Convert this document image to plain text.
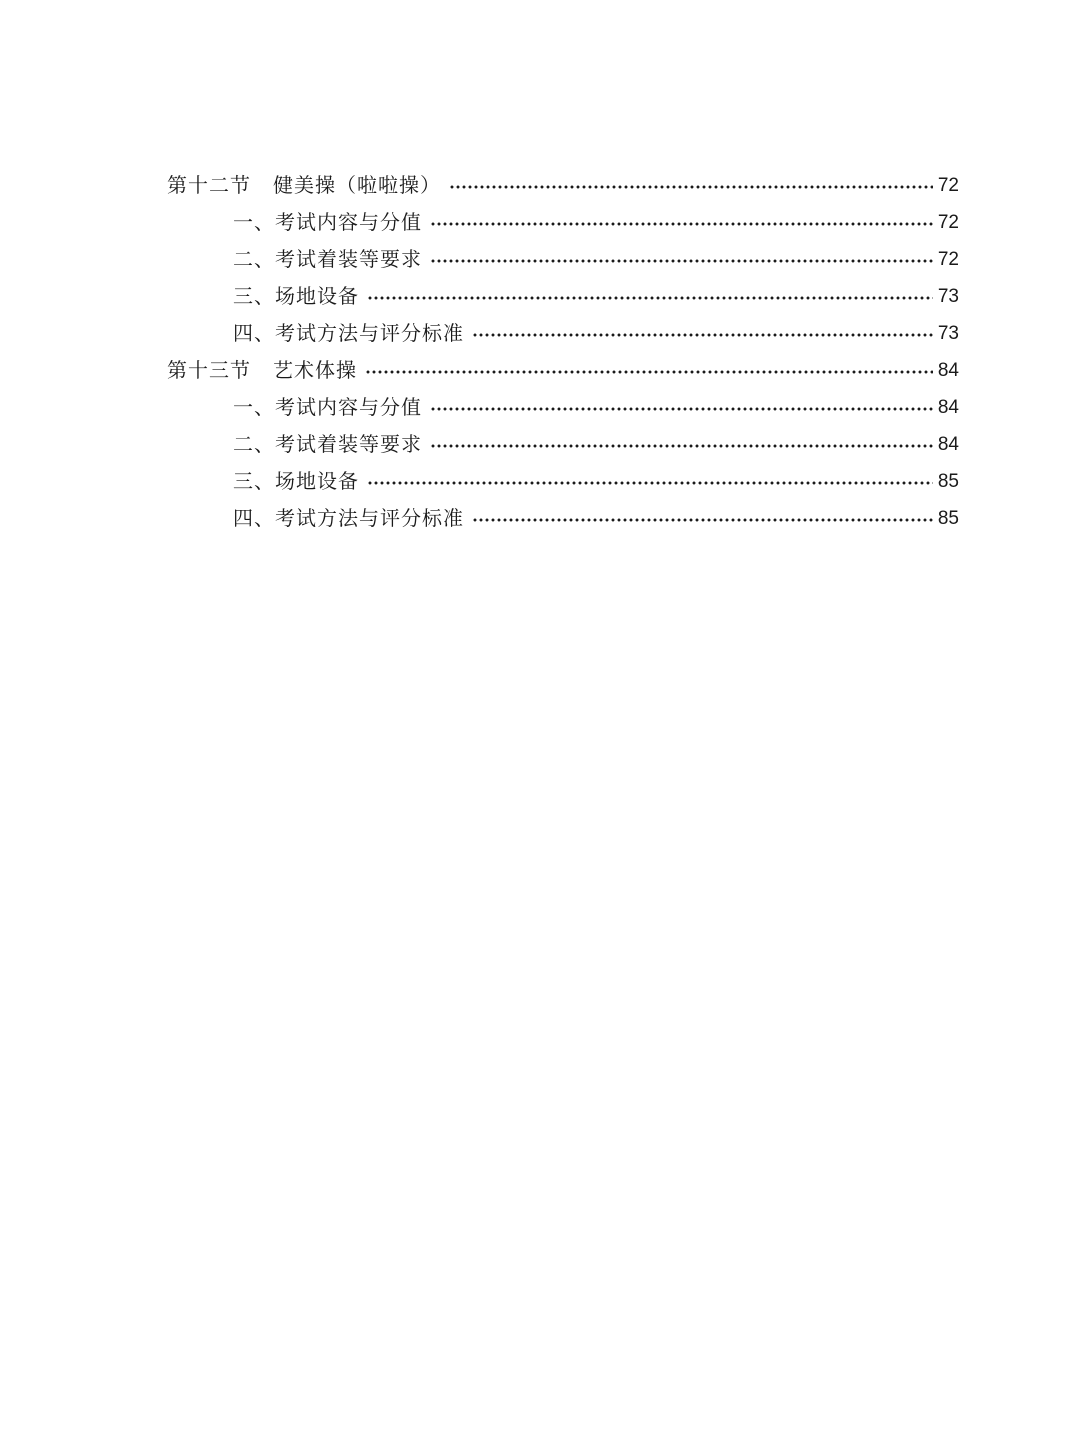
第十二节 健美操（啦啦操）	72
一、考试内容与分值	72
二、考试着装等要求	72
三、场地设备	73
四、考试方法与评分标准	73
第十三节 艺术体操	84
一、考试内容与分值	84
二、考试着装等要求	84
三、场地设备	85
四、考试方法与评分标准	85
